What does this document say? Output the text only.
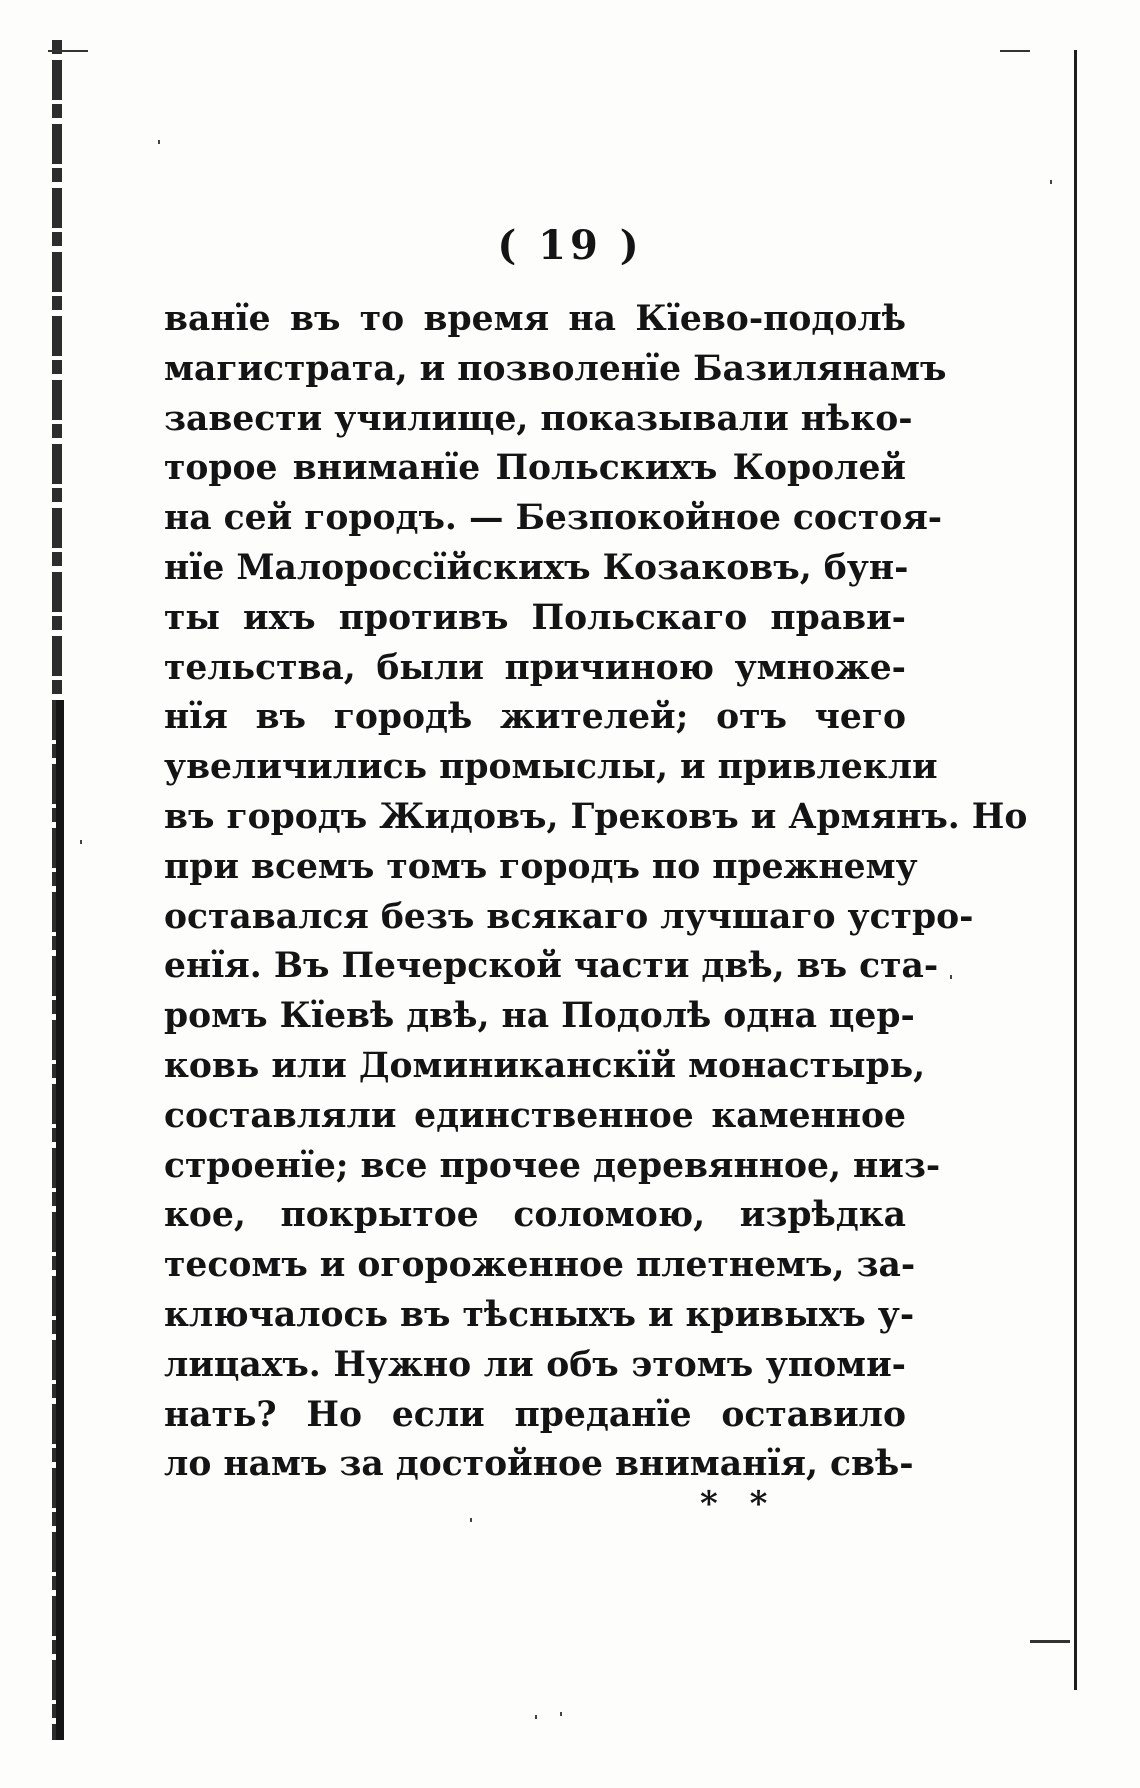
( 19 )
ванїе въ то время на Кїево-подолѣ
магистрата, и позволенїе Базилянамъ
завести училище, показывали нѣко-
торое вниманїе Польскихъ Королей
на сей городъ. — Безпокойное состоя-
нїе Малороссїйскихъ Козаковъ, бун-
ты ихъ противъ Польскаго прави-
тельства, были причиною умноже-
нїя въ городѣ жителей; отъ чего
увеличились промыслы, и привлекли
въ городъ Жидовъ, Грековъ и Армянъ. Но
при всемъ томъ городъ по прежнему
оставался безъ всякаго лучшаго устро-
енїя. Въ Печерской части двѣ, въ ста-
ромъ Кїевѣ двѣ, на Подолѣ одна цер-
ковь или Доминиканскїй монастырь,
составляли единственное каменное
строенїе; все прочее деревянное, низ-
кое, покрытое соломою, изрѣдка
тесомъ и огороженное плетнемъ, за-
ключалось въ тѣсныхъ и кривыхъ у-
лицахъ. Нужно ли объ этомъ упоми-
нать? Но если преданїе оставило
ло намъ за достойное вниманїя, свѣ-
* *
